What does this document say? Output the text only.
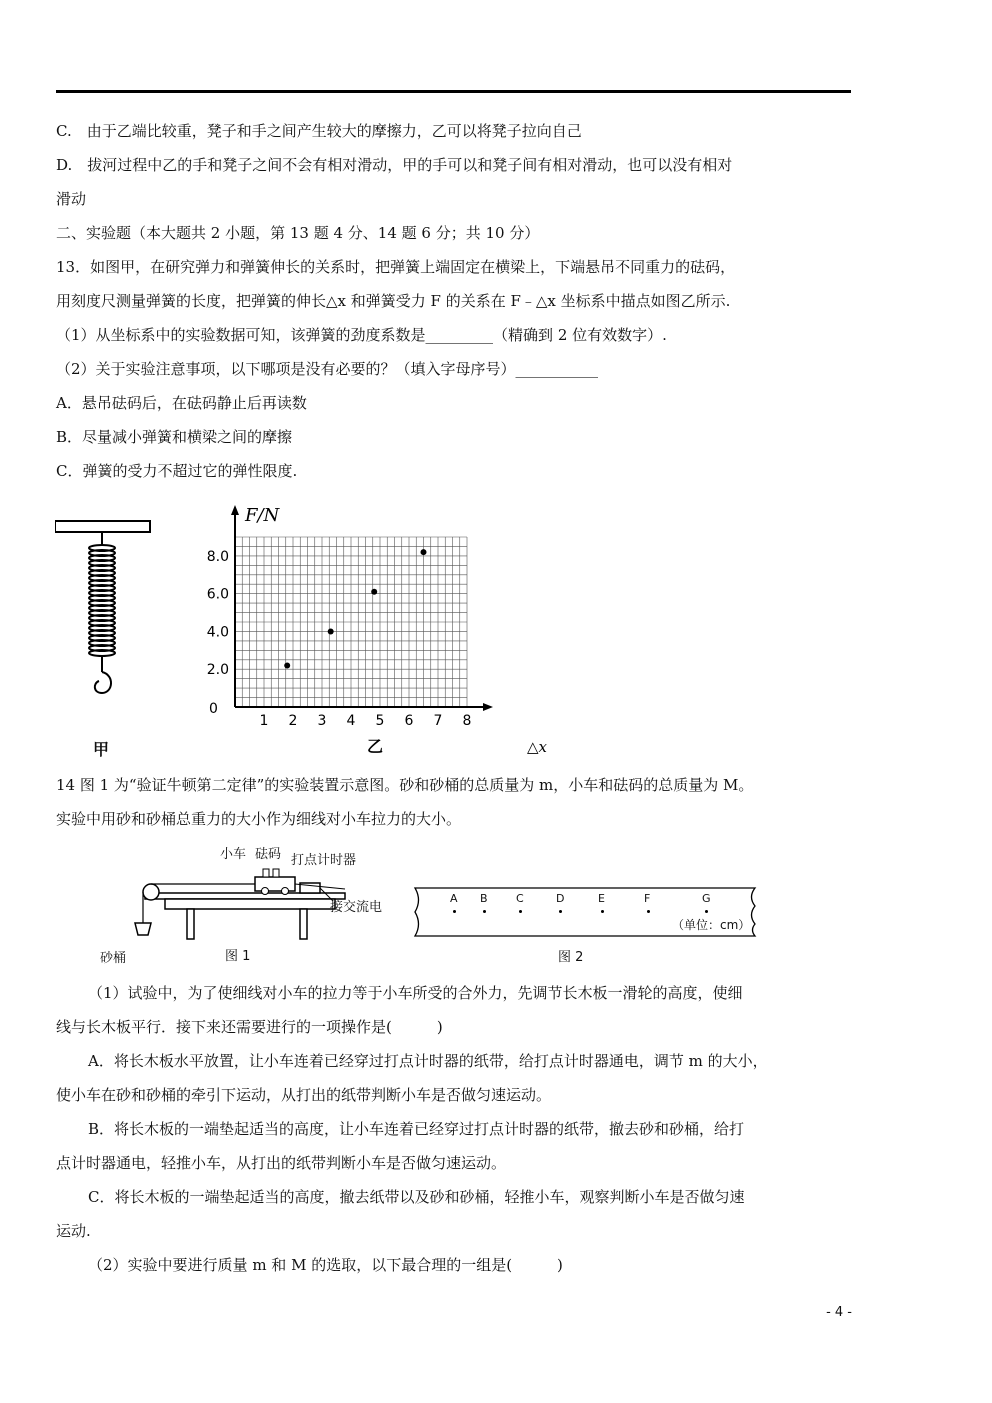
C.　由于乙端比较重，凳子和手之间产生较大的摩擦力，乙可以将凳子拉向自己
D.　拔河过程中乙的手和凳子之间不会有相对滑动，甲的手可以和凳子间有相对滑动，也可以没有相对
滑动
二、实验题（本大题共 2 小题，第 13 题 4 分、14 题 6 分；共 10 分）
13．如图甲，在研究弹力和弹簧伸长的关系时，把弹簧上端固定在横梁上，下端悬吊不同重力的砝码，
用刻度尺测量弹簧的长度，把弹簧的伸长△x 和弹簧受力 F 的关系在 F﹣△x 坐标系中描点如图乙所示.
（1）从坐标系中的实验数据可知，该弹簧的劲度系数是_________（精确到 2 位有效数字）.
（2）关于实验注意事项，以下哪项是没有必要的？（填入字母序号）___________
A．悬吊砝码后，在砝码静止后再读数
B．尽量减小弹簧和横梁之间的摩擦
C．弹簧的受力不超过它的弹性限度.
甲
F/N
0
1 2 3 4 5 6 7 8
2.0
4.0
6.0
8.0
乙	△x
14 图 1 为“验证牛顿第二定律”的实验装置示意图。砂和砂桶的总质量为 m，小车和砝码的总质量为 M。
实验中用砂和砂桶总重力的大小作为细线对小车拉力的大小。
小车 砝码 打点计时器
接交流电
砂桶	图 1
A B	C	D	E	F	G
（单位：cm）
图 2
（1）试验中，为了使细线对小车的拉力等于小车所受的合外力，先调节长木板一滑轮的高度，使细
线与长木板平行．接下来还需要进行的一项操作是(　　　)
A．将长木板水平放置，让小车连着已经穿过打点计时器的纸带，给打点计时器通电，调节 m 的大小，
使小车在砂和砂桶的牵引下运动，从打出的纸带判断小车是否做匀速运动。
B．将长木板的一端垫起适当的高度，让小车连着已经穿过打点计时器的纸带，撤去砂和砂桶，给打
点计时器通电，轻推小车，从打出的纸带判断小车是否做匀速运动。
C．将长木板的一端垫起适当的高度，撤去纸带以及砂和砂桶，轻推小车，观察判断小车是否做匀速
运动.
（2）实验中要进行质量 m 和 M 的选取，以下最合理的一组是(　　　)
- 4 -
